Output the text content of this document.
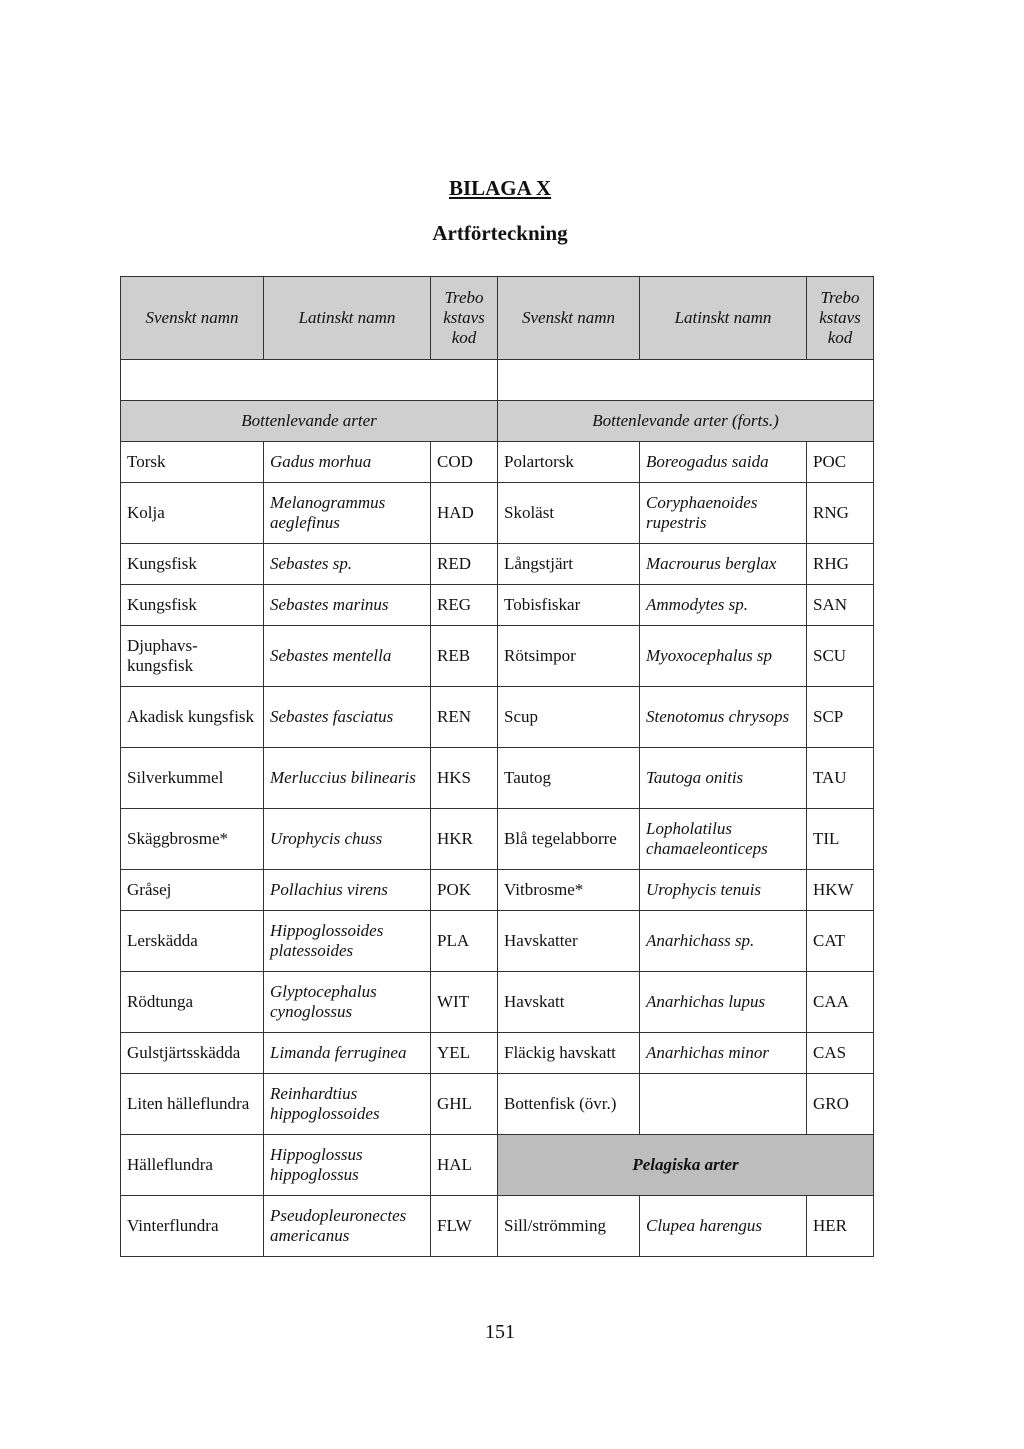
BILAGA X
Artförteckning
Svenskt namn	Latinskt namn	Trebo kstavs kod	Svenskt namn	Latinskt namn	Trebo kstavs kod

Bottenlevande arter			Bottenlevande arter (forts.)		
Torsk	Gadus morhua	COD	Polartorsk	Boreogadus saida	POC
Kolja	Melanogrammus aeglefinus	HAD	Skoläst	Coryphaenoides rupestris	RNG
Kungsfisk	Sebastes sp.	RED	Långstjärt	Macrourus berglax	RHG
Kungsfisk	Sebastes marinus	REG	Tobisfiskar	Ammodytes sp.	SAN
Djuphavs-kungsfisk	Sebastes mentella	REB	Rötsimpor	Myoxocephalus sp	SCU
Akadisk kungsfisk	Sebastes fasciatus	REN	Scup	Stenotomus chrysops	SCP
Silverkummel	Merluccius bilinearis	HKS	Tautog	Tautoga onitis	TAU
Skäggbrosme*	Urophycis chuss	HKR	Blå tegelabborre	Lopholatilus chamaeleonticeps	TIL
Gråsej	Pollachius virens	POK	Vitbrosme*	Urophycis tenuis	HKW
Lerskädda	Hippoglossoides platessoides	PLA	Havskatter	Anarhichass sp.	CAT
Rödtunga	Glyptocephalus cynoglossus	WIT	Havskatt	Anarhichas lupus	CAA
Gulstjärtsskädda	Limanda ferruginea	YEL	Fläckig havskatt	Anarhichas minor	CAS
Liten hälleflundra	Reinhardtius hippoglossoides	GHL	Bottenfisk (övr.)		GRO
Hälleflundra	Hippoglossus hippoglossus	HAL	Pelagiska arter		
Vinterflundra	Pseudopleuronectes americanus	FLW	Sill/strömming	Clupea harengus	HER
151
